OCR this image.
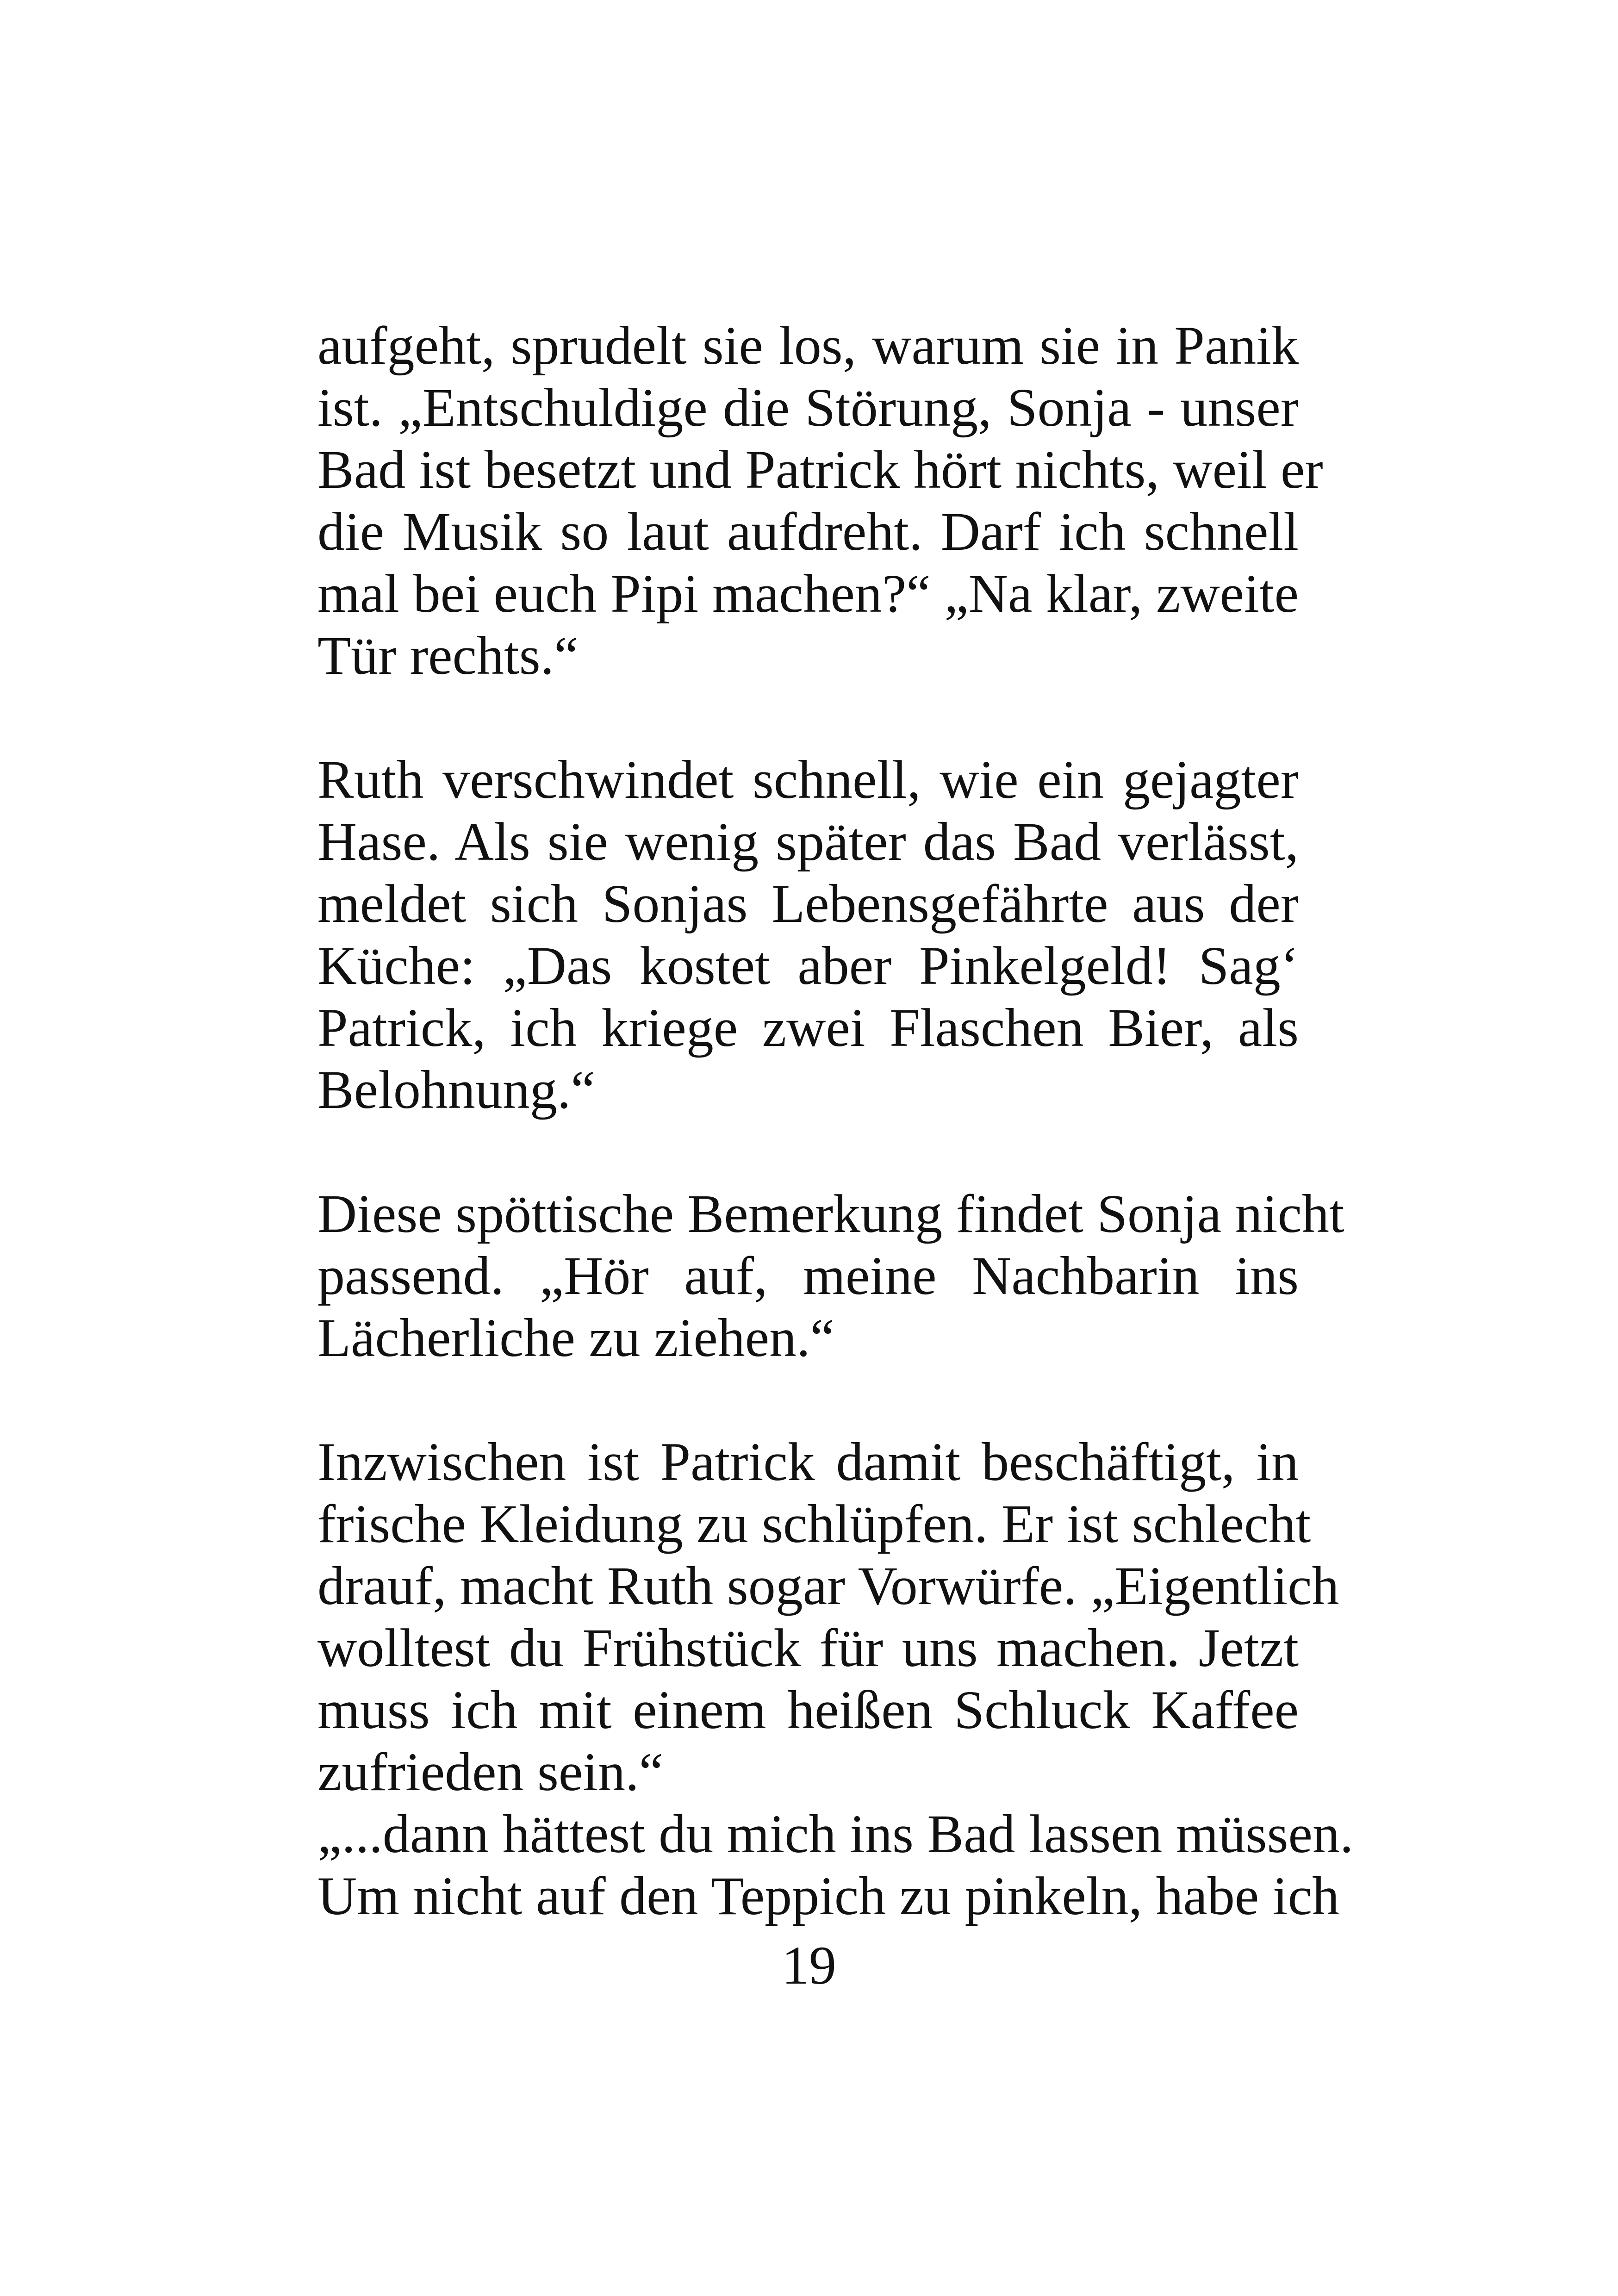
aufgeht, sprudelt sie los, warum sie in Panik
ist. „Entschuldige die Störung, Sonja - unser
Bad ist besetzt und Patrick hört nichts, weil er
die Musik so laut aufdreht. Darf ich schnell
mal bei euch Pipi machen?“ „Na klar, zweite
Tür rechts.“
Ruth verschwindet schnell, wie ein gejagter
Hase. Als sie wenig später das Bad verlässt,
meldet sich Sonjas Lebensgefährte aus der
Küche: „Das kostet aber Pinkelgeld! Sag‘
Patrick, ich kriege zwei Flaschen Bier, als
Belohnung.“
Diese spöttische Bemerkung findet Sonja nicht
passend. „Hör auf, meine Nachbarin ins
Lächerliche zu ziehen.“
Inzwischen ist Patrick damit beschäftigt, in
frische Kleidung zu schlüpfen. Er ist schlecht
drauf, macht Ruth sogar Vorwürfe. „Eigentlich
wolltest du Frühstück für uns machen. Jetzt
muss ich mit einem heißen Schluck Kaffee
zufrieden sein.“
„...dann hättest du mich ins Bad lassen müssen.
Um nicht auf den Teppich zu pinkeln, habe ich
19
